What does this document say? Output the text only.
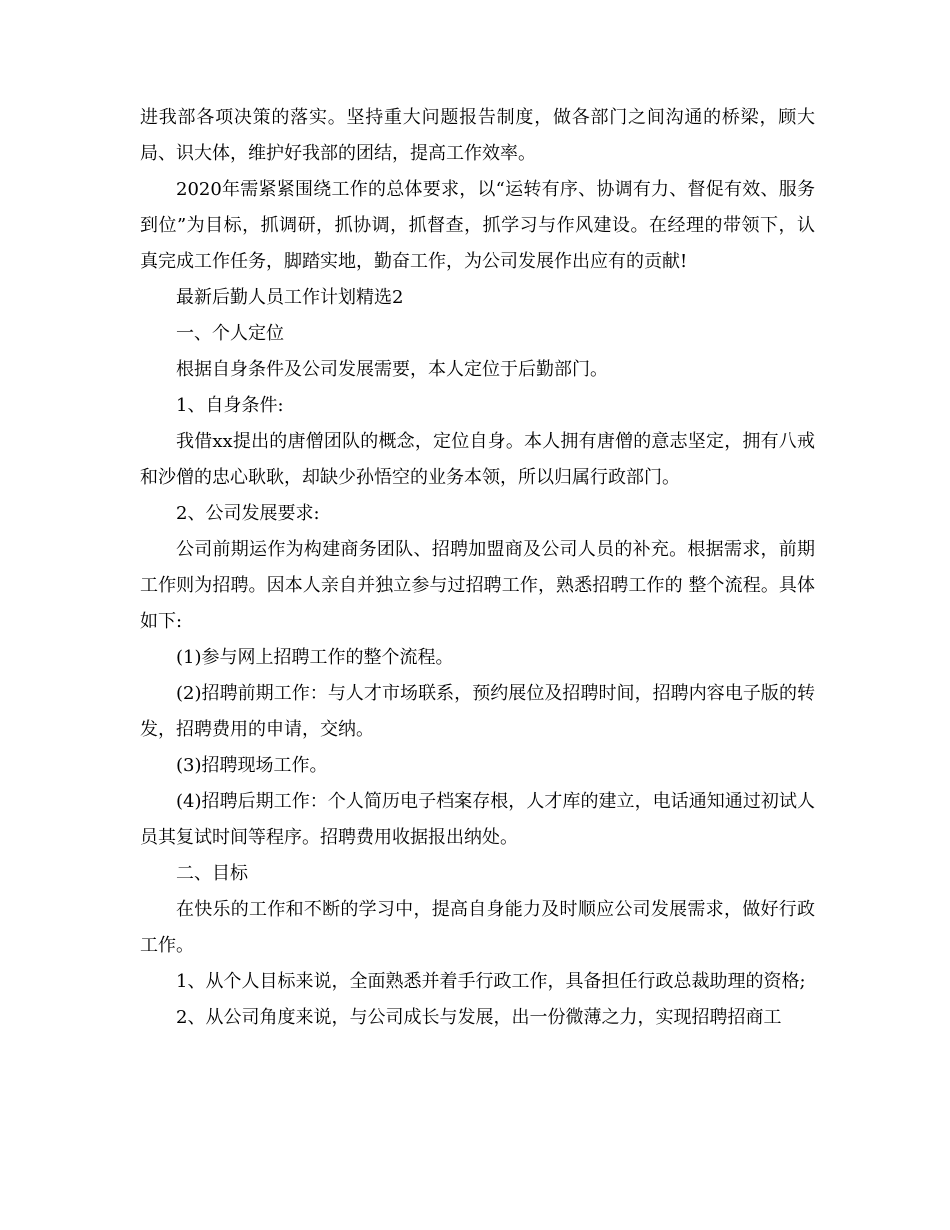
进我部各项决策的落实。坚持重大问题报告制度，做各部门之间沟通的桥梁，顾大局、识大体，维护好我部的团结，提高工作效率。

2020年需紧紧围绕工作的总体要求，以“运转有序、协调有力、督促有效、服务到位”为目标，抓调研，抓协调，抓督查，抓学习与作风建设。在经理的带领下，认真完成工作任务，脚踏实地，勤奋工作，为公司发展作出应有的贡献!

最新后勤人员工作计划精选2

一、个人定位

根据自身条件及公司发展需要，本人定位于后勤部门。

1、自身条件:

我借xx提出的唐僧团队的概念，定位自身。本人拥有唐僧的意志坚定，拥有八戒和沙僧的忠心耿耿，却缺少孙悟空的业务本领，所以归属行政部门。

2、公司发展要求:

公司前期运作为构建商务团队、招聘加盟商及公司人员的补充。根据需求，前期工作则为招聘。因本人亲自并独立参与过招聘工作，熟悉招聘工作的 整个流程。具体如下:

(1)参与网上招聘工作的整个流程。

(2)招聘前期工作：与人才市场联系，预约展位及招聘时间，招聘内容电子版的转发，招聘费用的申请，交纳。

(3)招聘现场工作。

(4)招聘后期工作：个人简历电子档案存根，人才库的建立，电话通知通过初试人员其复试时间等程序。招聘费用收据报出纳处。

二、目标

在快乐的工作和不断的学习中，提高自身能力及时顺应公司发展需求，做好行政工作。

1、从个人目标来说，全面熟悉并着手行政工作，具备担任行政总裁助理的资格;

2、从公司角度来说，与公司成长与发展，出一份微薄之力，实现招聘招商工
